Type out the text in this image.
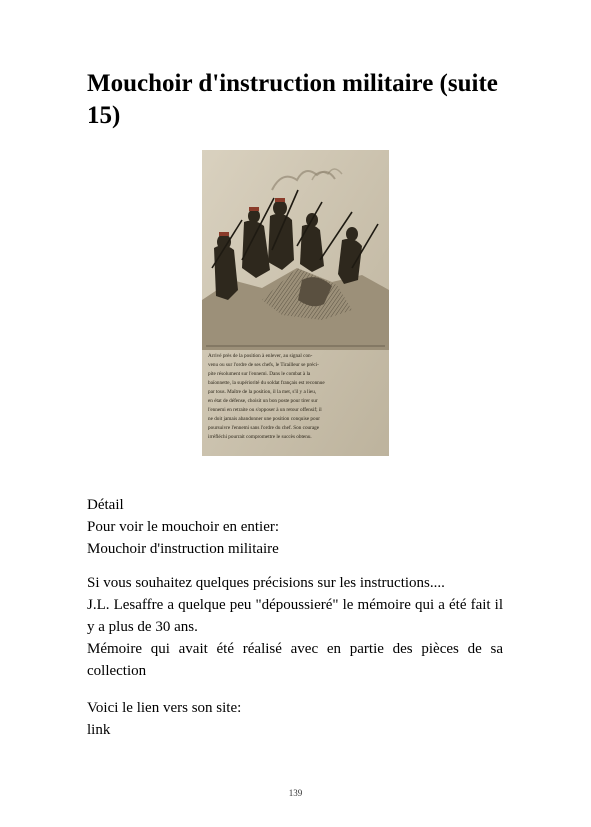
Mouchoir d'instruction militaire (suite 15)
Arrivé près de la position à enlever, au signal con-
venu ou sur l'ordre de ses chefs, le Tirailleur se préci-
pite résolument sur l'ennemi. Dans le combat à la
baïonnette, la supériorité du soldat français est reconnue
par tous. Maître de la position, il la met, s'il y a lieu,
en état de défense, choisit un bon poste pour tirer sur
l'ennemi en retraite ou s'opposer à un retour offensif; il
ne doit jamais abandonner une position conquise pour
poursuivre l'ennemi sans l'ordre du chef. Son courage
irréfléchi pourrait compromettre le succès obtenu.

Détail

Pour voir le mouchoir en entier:

Mouchoir d'instruction militaire

Si vous souhaitez quelques précisions sur les instructions....

J.L. Lesaffre a quelque peu "dépoussieré" le mémoire qui a été fait il y a plus de 30 ans.

Mémoire qui avait été réalisé avec en partie des pièces de sa collection

Voici le lien vers son site:

link

139
